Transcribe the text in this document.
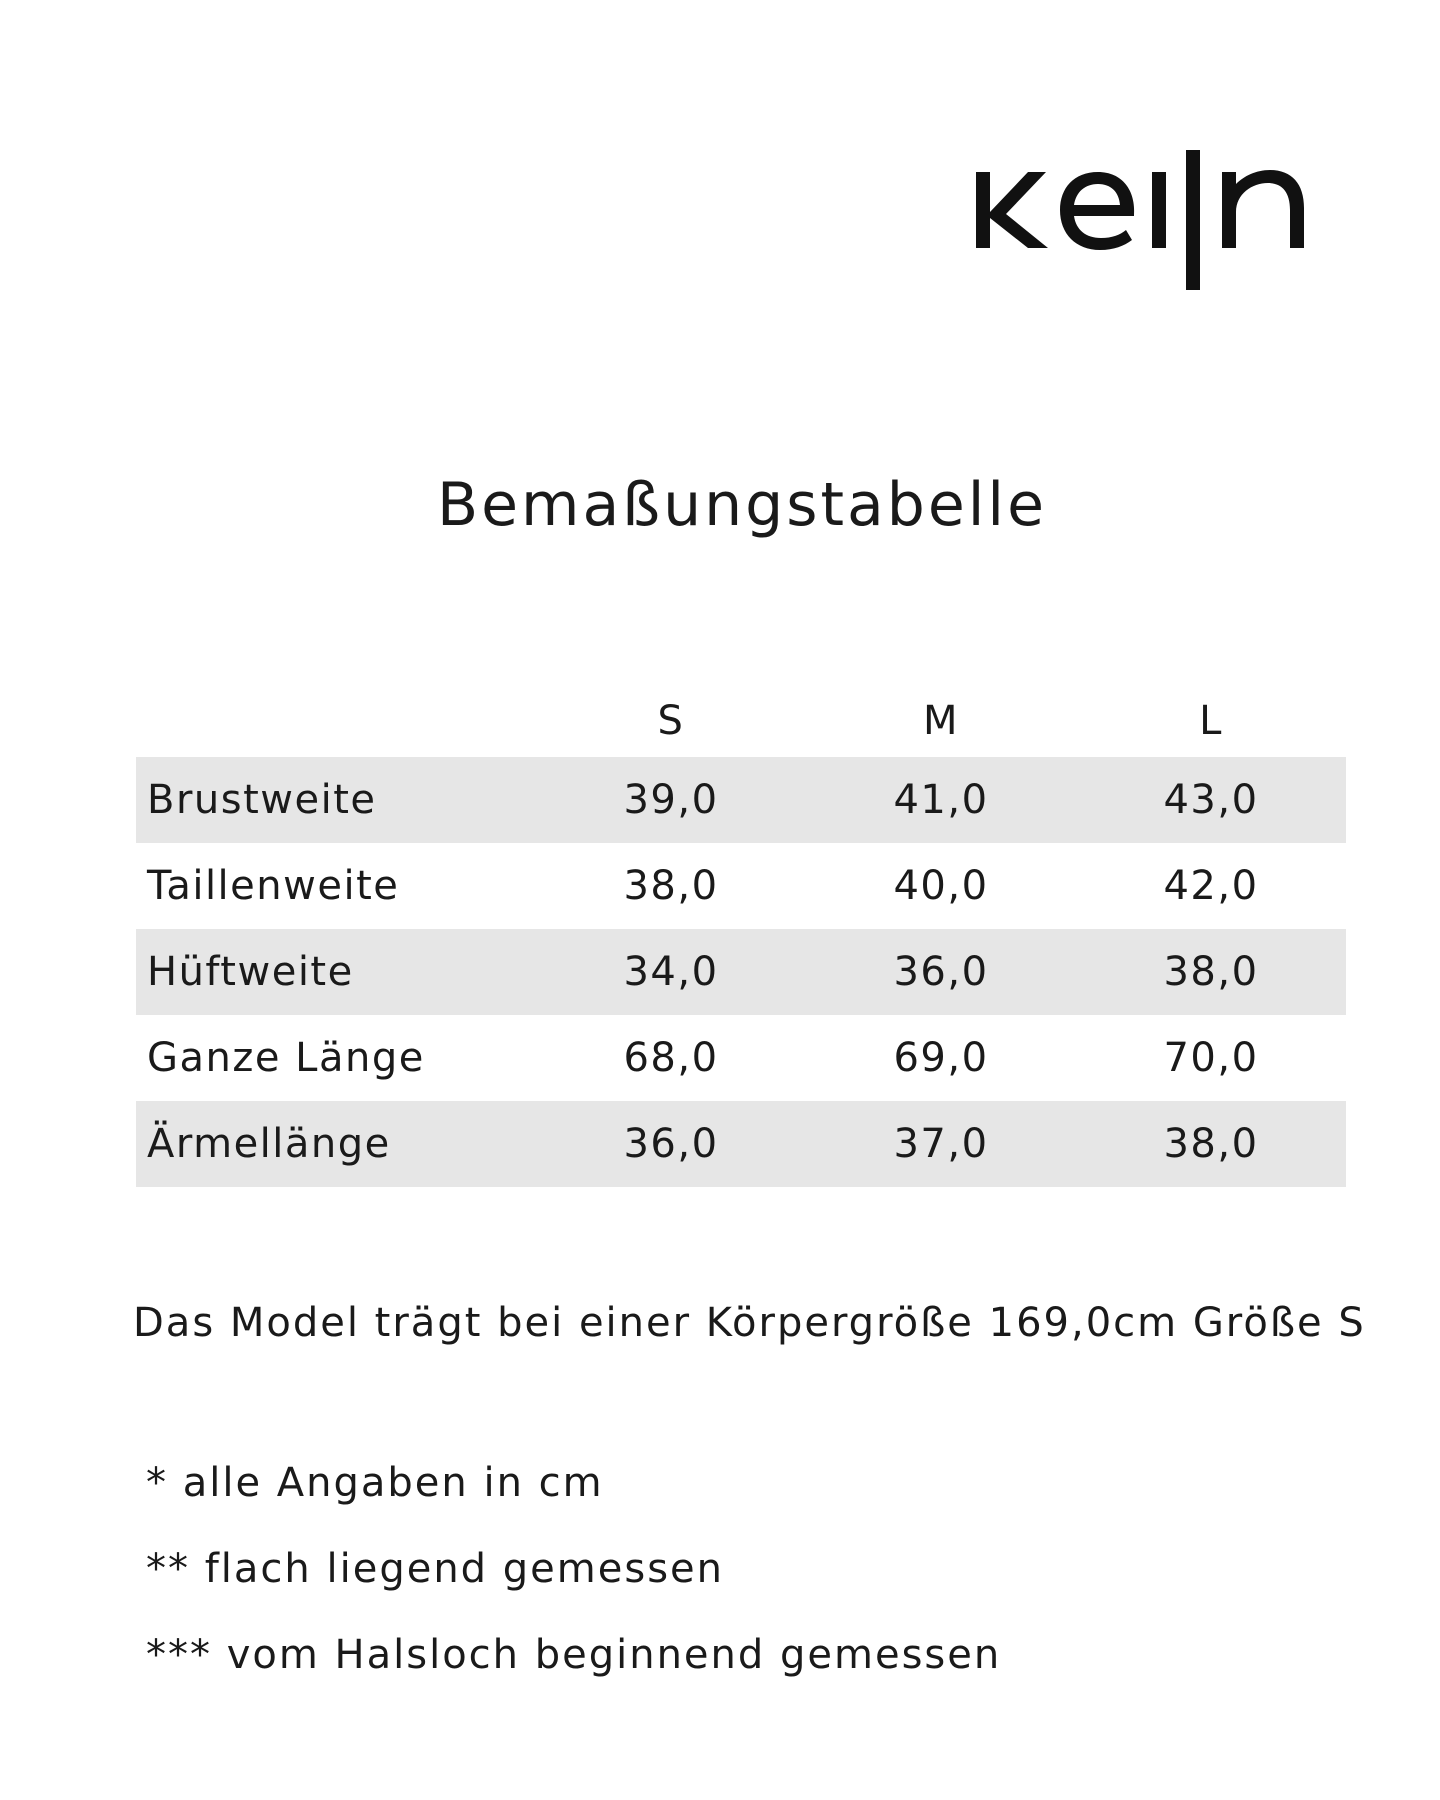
Bemaßungstabelle
	S	M	L
Brustweite	39,0	41,0	43,0
Taillenweite	38,0	40,0	42,0
Hüftweite	34,0	36,0	38,0
Ganze Länge	68,0	69,0	70,0
Ärmellänge	36,0	37,0	38,0

Das Model trägt bei einer Körpergröße 169,0cm Größe S

* alle Angaben in cm
** flach liegend gemessen
*** vom Halsloch beginnend gemessen
